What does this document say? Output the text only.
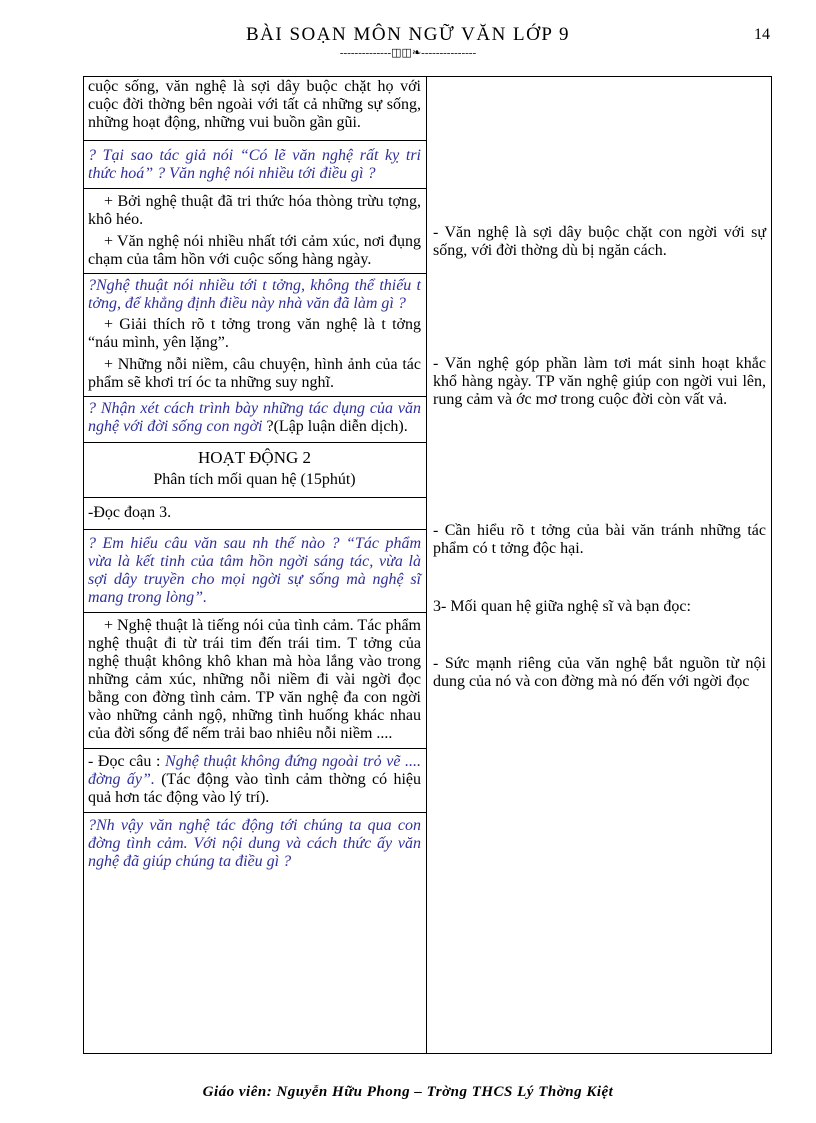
BÀI SOẠN MÔN NGỮ VĂN LỚP 9
--------------◫◫❧---------------
14

cuộc sống, văn nghệ là sợi dây buộc chặt họ với cuộc đời thờng bên ngoài với tất cả những sự sống, những hoạt động, những vui buồn gần gũi.

? Tại sao tác giả nói “Có lẽ văn nghệ rất kỵ tri thức hoá” ? Văn nghệ nói nhiều tới điều gì ?

+ Bởi nghệ thuật đã tri thức hóa thòng trừu tợng, khô héo.

+ Văn nghệ nói nhiều nhất tới cảm xúc, nơi đụng chạm của tâm hồn với cuộc sống hàng ngày.

?Nghệ thuật nói nhiều tới t tởng, không thể thiếu t tởng, để khẳng định điều này nhà văn đã làm gì ?

+ Giải thích rõ t tởng trong văn nghệ là t tởng “náu mình, yên lặng”.

+ Những nỗi niềm, câu chuyện, hình ảnh của tác phẩm sẽ khơi trí óc ta những suy nghĩ.

? Nhận xét cách trình bày những tác dụng của văn nghệ với đời sống con ngời ?(Lập luận diễn dịch).

HOẠT ĐỘNG 2

Phân tích mối quan hệ (15phút)

-Đọc đoạn 3.

? Em hiểu câu văn sau nh thế nào ? “Tác phẩm vừa là kết tinh của tâm hồn ngời sáng tác, vừa là sợi dây truyền cho mọi ngời sự sống mà nghệ sĩ mang trong lòng”.

+ Nghệ thuật là tiếng nói của tình cảm. Tác phẩm nghệ thuật đi từ trái tim đến trái tim. T tởng của nghệ thuật không khô khan mà hòa lắng vào trong những cảm xúc, những nỗi niềm đi vài ngời đọc bằng con đờng tình cảm. TP văn nghệ đa con ngời vào những cảnh ngộ, những tình huống khác nhau của đời sống để nếm trải bao nhiêu nỗi niềm ....

- Đọc câu : Nghệ thuật không đứng ngoài trỏ vẽ .... đờng ấy”. (Tác động vào tình cảm thờng có hiệu quả hơn tác động vào lý trí).

?Nh vậy văn nghệ tác động tới chúng ta qua con đờng tình cảm. Với nội dung và cách thức ấy văn nghệ đã giúp chúng ta điều gì ?

- Văn nghệ là sợi dây buộc chặt con ngời với sự sống, với đời thờng dù bị ngăn cách.

- Văn nghệ góp phần làm tơi mát sinh hoạt khắc khổ hàng ngày. TP văn nghệ giúp con ngời vui lên, rung cảm và ớc mơ trong cuộc đời còn vất vả.

- Cần hiểu rõ t tởng của bài văn tránh những tác phẩm có t tởng độc hại.

3- Mối quan hệ giữa nghệ sĩ và bạn đọc:

- Sức mạnh riêng của văn nghệ bắt nguồn từ nội dung của nó và con đờng mà nó đến với ngời đọc

Giáo viên: Nguyễn Hữu Phong – Trờng THCS Lý Thờng Kiệt
